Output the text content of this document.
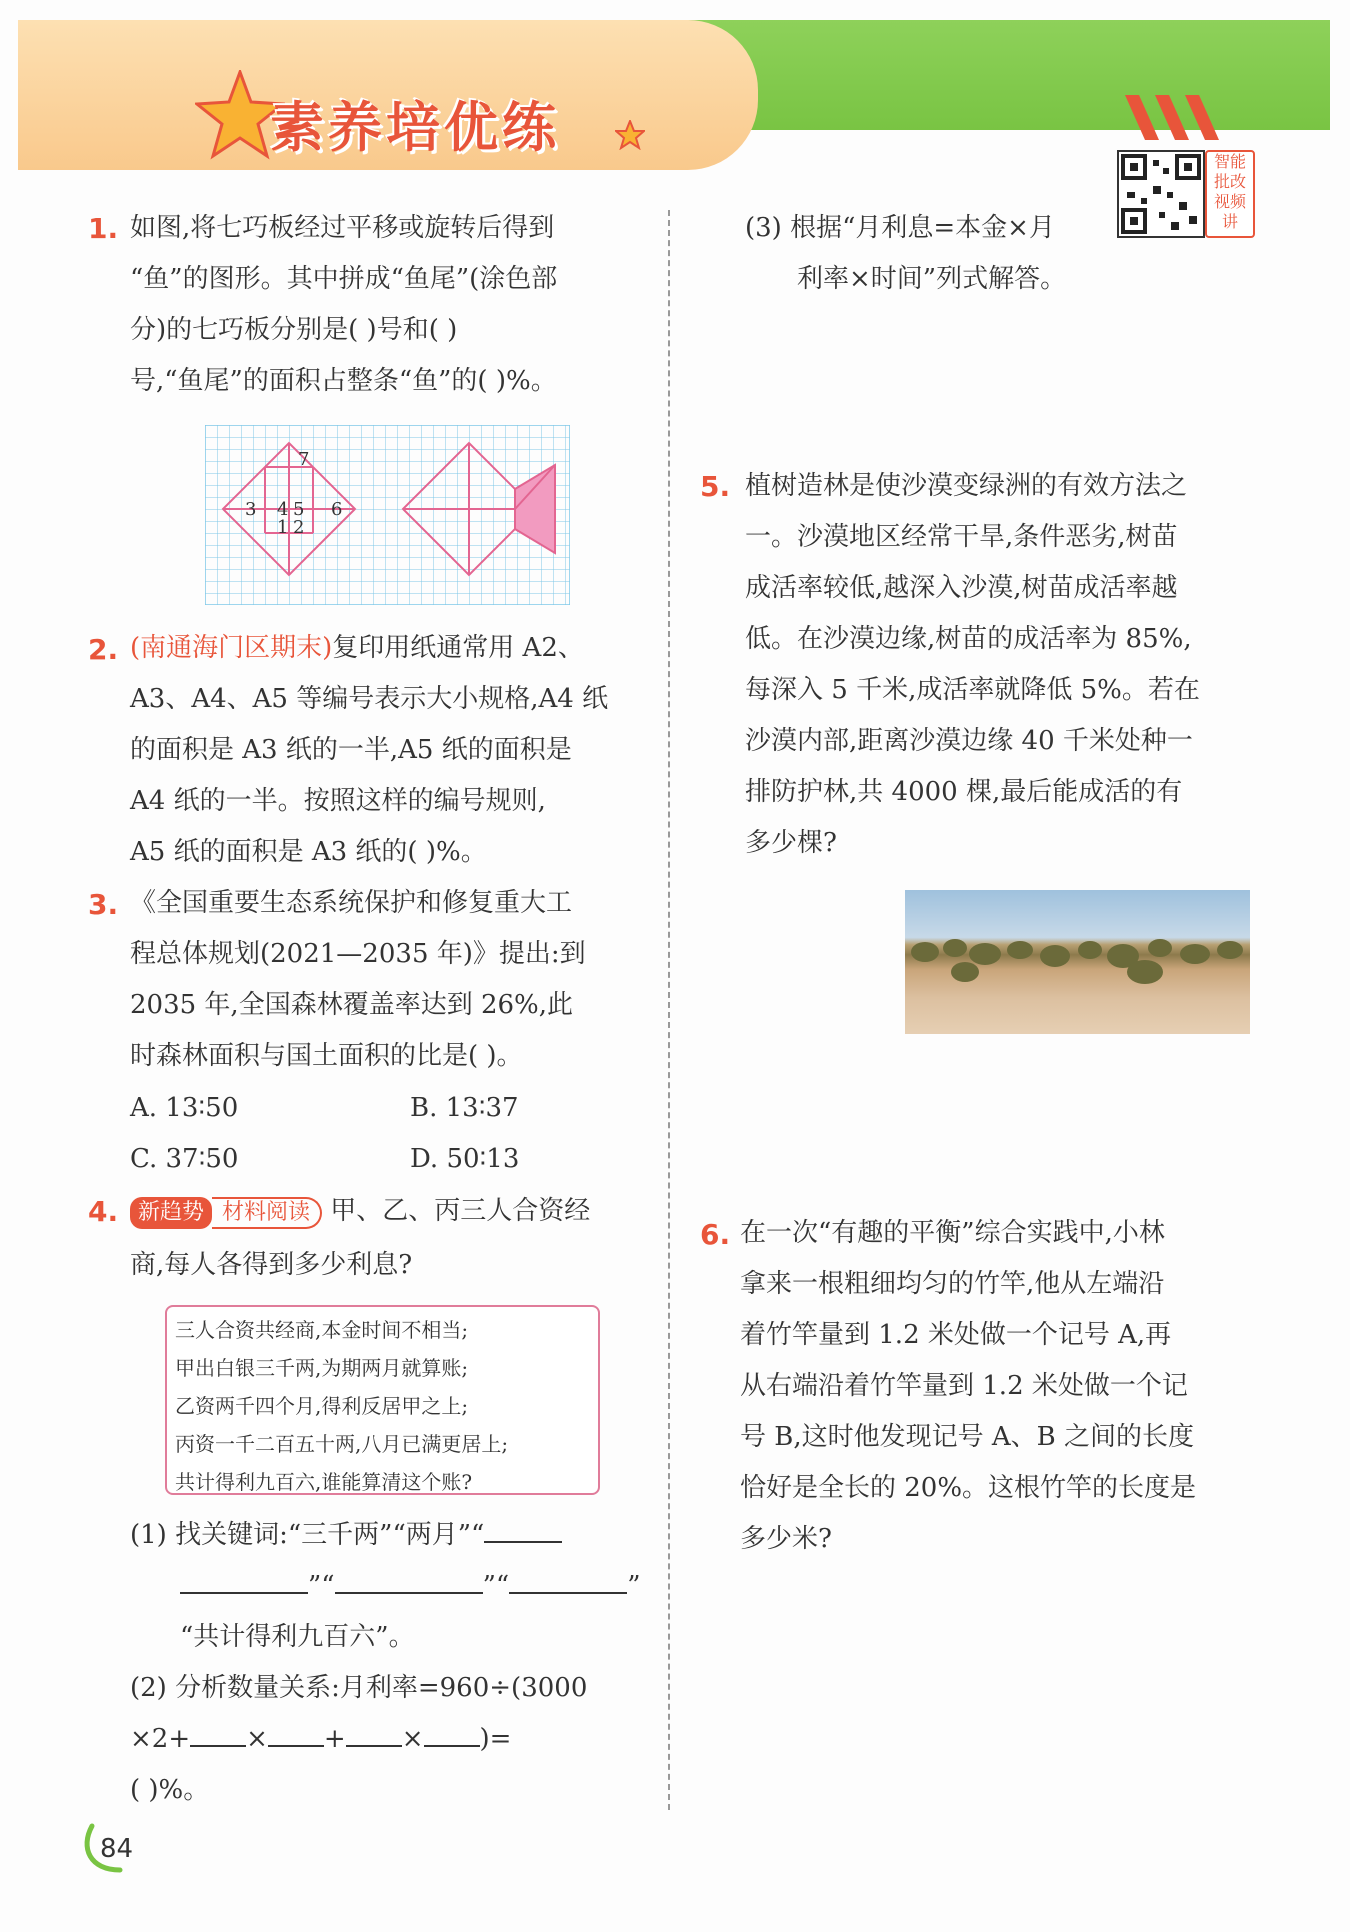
素养培优练
智能批改视频讲
1. 如图,将七巧板经过平移或旋转后得到
“鱼”的图形。其中拼成“鱼尾”(涂色部
分)的七巧板分别是( )号和( )
号,“鱼尾”的面积占整条“鱼”的( )%。
7
3 4 5 6
1 2
2. (南通海门区期末)复印用纸通常用 A2、
A3、A4、A5 等编号表示大小规格,A4 纸
的面积是 A3 纸的一半,A5 纸的面积是
A4 纸的一半。按照这样的编号规则,
A5 纸的面积是 A3 纸的( )%。
3. 《全国重要生态系统保护和修复重大工
程总体规划(2021—2035 年)》提出:到
2035 年,全国森林覆盖率达到 26%,此
时森林面积与国土面积的比是( )。
A. 13∶50	B. 13∶37
C. 37∶50	D. 50∶13
4. 新趋势 材料阅读 甲、乙、丙三人合资经
商,每人各得到多少利息?
三人合资共经商,本金时间不相当;
甲出白银三千两,为期两月就算账;
乙资两千四个月,得利反居甲之上;
丙资一千二百五十两,八月已满更居上;
共计得利九百六,谁能算清这个账?
(1) 找关键词:“三千两”“两月”“
”“	”“	”
“共计得利九百六”。
(2) 分析数量关系:月利率=960÷(3000
×2+ × + × )=
( )%。
(3) 根据“月利息=本金×月
利率×时间”列式解答。
5. 植树造林是使沙漠变绿洲的有效方法之
一。沙漠地区经常干旱,条件恶劣,树苗
成活率较低,越深入沙漠,树苗成活率越
低。在沙漠边缘,树苗的成活率为 85%,
每深入 5 千米,成活率就降低 5%。若在
沙漠内部,距离沙漠边缘 40 千米处种一
排防护林,共 4000 棵,最后能成活的有
多少棵?
6. 在一次“有趣的平衡”综合实践中,小林
拿来一根粗细均匀的竹竿,他从左端沿
着竹竿量到 1.2 米处做一个记号 A,再
从右端沿着竹竿量到 1.2 米处做一个记
号 B,这时他发现记号 A、B 之间的长度
恰好是全长的 20%。这根竹竿的长度是
多少米?
84
